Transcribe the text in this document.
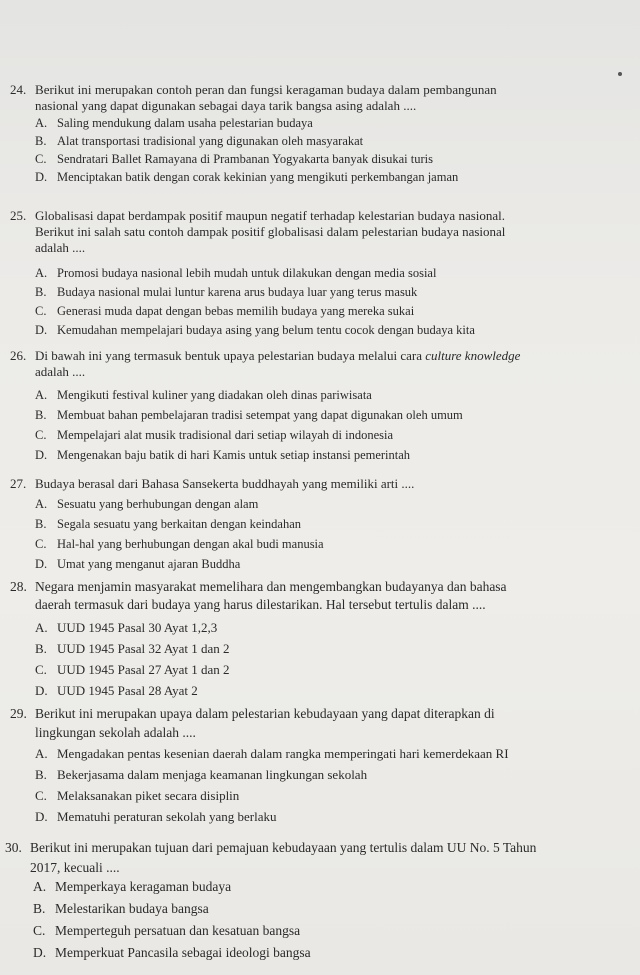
24. Berikut ini merupakan contoh peran dan fungsi keragaman budaya dalam pembangunan
nasional yang dapat digunakan sebagai daya tarik bangsa asing adalah ....
A. Saling mendukung dalam usaha pelestarian budaya
B. Alat transportasi tradisional yang digunakan oleh masyarakat
C. Sendratari Ballet Ramayana di Prambanan Yogyakarta banyak disukai turis
D. Menciptakan batik dengan corak kekinian yang mengikuti perkembangan jaman
25. Globalisasi dapat berdampak positif maupun negatif terhadap kelestarian budaya nasional.
Berikut ini salah satu contoh dampak positif globalisasi dalam pelestarian budaya nasional
adalah ....
A. Promosi budaya nasional lebih mudah untuk dilakukan dengan media sosial
B. Budaya nasional mulai luntur karena arus budaya luar yang terus masuk
C. Generasi muda dapat dengan bebas memilih budaya yang mereka sukai
D. Kemudahan mempelajari budaya asing yang belum tentu cocok dengan budaya kita
26. Di bawah ini yang termasuk bentuk upaya pelestarian budaya melalui cara culture knowledge
adalah ....
A. Mengikuti festival kuliner yang diadakan oleh dinas pariwisata
B. Membuat bahan pembelajaran tradisi setempat yang dapat digunakan oleh umum
C. Mempelajari alat musik tradisional dari setiap wilayah di indonesia
D. Mengenakan baju batik di hari Kamis untuk setiap instansi pemerintah
27. Budaya berasal dari Bahasa Sansekerta buddhayah yang memiliki arti ....
A. Sesuatu yang berhubungan dengan alam
B. Segala sesuatu yang berkaitan dengan keindahan
C. Hal-hal yang berhubungan dengan akal budi manusia
D. Umat yang menganut ajaran Buddha
28. Negara menjamin masyarakat memelihara dan mengembangkan budayanya dan bahasa
daerah termasuk dari budaya yang harus dilestarikan. Hal tersebut tertulis dalam ....
A. UUD 1945 Pasal 30 Ayat 1,2,3
B. UUD 1945 Pasal 32 Ayat 1 dan 2
C. UUD 1945 Pasal 27 Ayat 1 dan 2
D. UUD 1945 Pasal 28 Ayat 2
29. Berikut ini merupakan upaya dalam pelestarian kebudayaan yang dapat diterapkan di
lingkungan sekolah adalah ....
A. Mengadakan pentas kesenian daerah dalam rangka memperingati hari kemerdekaan RI
B. Bekerjasama dalam menjaga keamanan lingkungan sekolah
C. Melaksanakan piket secara disiplin
D. Mematuhi peraturan sekolah yang berlaku
30. Berikut ini merupakan tujuan dari pemajuan kebudayaan yang tertulis dalam UU No. 5 Tahun
2017, kecuali ....
A. Memperkaya keragaman budaya
B. Melestarikan budaya bangsa
C. Memperteguh persatuan dan kesatuan bangsa
D. Memperkuat Pancasila sebagai ideologi bangsa
